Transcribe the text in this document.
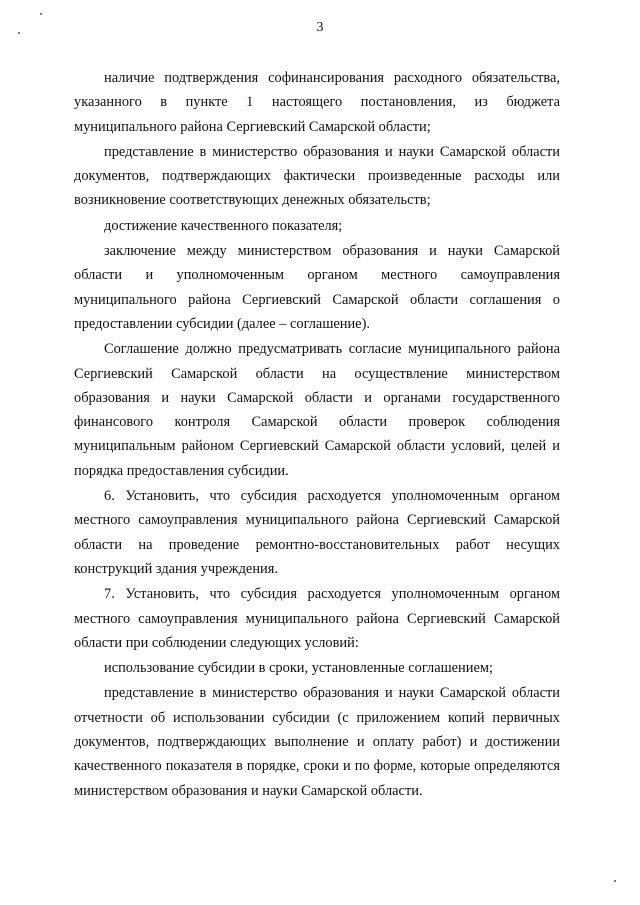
3

наличие подтверждения софинансирования расходного обязательства, указанного в пункте 1 настоящего постановления, из бюджета муниципального района Сергиевский Самарской области;

представление в министерство образования и науки Самарской области документов, подтверждающих фактически произведенные расходы или возникновение соответствующих денежных обязательств;

достижение качественного показателя;

заключение между министерством образования и науки Самарской области и уполномоченным органом местного самоуправления муниципального района Сергиевский Самарской области соглашения о предоставлении субсидии (далее – соглашение).

Соглашение должно предусматривать согласие муниципального района Сергиевский Самарской области на осуществление министерством образования и науки Самарской области и органами государственного финансового контроля Самарской области проверок соблюдения муниципальным районом Сергиевский Самарской области условий, целей и порядка предоставления субсидии.

6. Установить, что субсидия расходуется уполномоченным органом местного самоуправления муниципального района Сергиевский Самарской области на проведение ремонтно-восстановительных работ несущих конструкций здания учреждения.

7. Установить, что субсидия расходуется уполномоченным органом местного самоуправления муниципального района Сергиевский Самарской области при соблюдении следующих условий:

использование субсидии в сроки, установленные соглашением;

представление в министерство образования и науки Самарской области отчетности об использовании субсидии (с приложением копий первичных документов, подтверждающих выполнение и оплату работ) и достижении качественного показателя в порядке, сроки и по форме, которые определяются министерством образования и науки Самарской области.
